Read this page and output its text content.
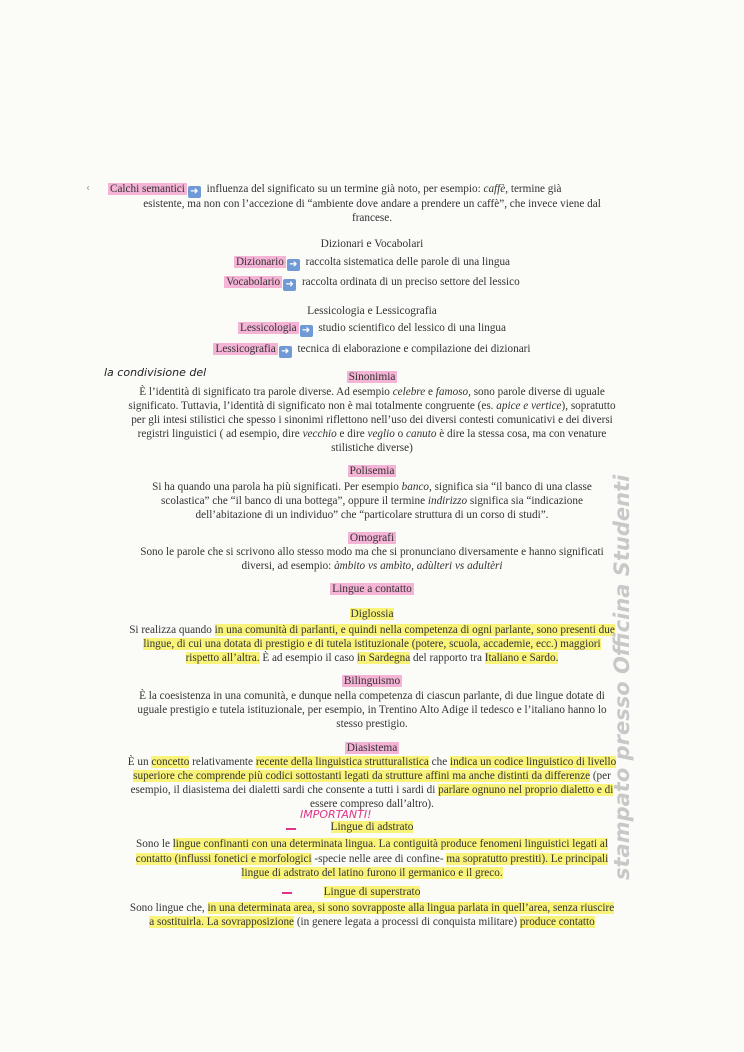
‹ Calchi semantici ➜ influenza del significato su un termine già noto, per esempio: caffè, termine già
esistente, ma non con l’accezione di “ambiente dove andare a prendere un caffè”, che invece viene dal
francese.
Dizionari e Vocabolari
Dizionario ➜ raccolta sistematica delle parole di una lingua
Vocabolario ➜ raccolta ordinata di un preciso settore del lessico
Lessicologia e Lessicografia
Lessicologia ➜ studio scientifico del lessico di una lingua
Lessicografia ➜ tecnica di elaborazione e compilazione dei dizionari
la condivisione del	Sinonimia
È l’identità di significato tra parole diverse. Ad esempio celebre e famoso, sono parole diverse di uguale
significato. Tuttavia, l’identità di significato non è mai totalmente congruente (es. apice e vertice), sopratutto
per gli intesi stilistici che spesso i sinonimi riflettono nell’uso dei diversi contesti comunicativi e dei diversi
registri linguistici ( ad esempio, dire vecchio e dire veglio o canuto è dire la stessa cosa, ma con venature
stilistiche diverse)
Polisemia
Si ha quando una parola ha più significati. Per esempio banco, significa sia “il banco di una classe
scolastica” che “il banco di una bottega”, oppure il termine indirizzo significa sia “indicazione
dell’abitazione di un individuo” che “particolare struttura di un corso di studi”.
Omografi
Sono le parole che si scrivono allo stesso modo ma che si pronunciano diversamente e hanno significati
diversi, ad esempio: àmbito vs ambìto, adùlteri vs adultèri
Lingue a contatto
Diglossia
Si realizza quando in una comunità di parlanti, e quindi nella competenza di ogni parlante, sono presenti due
lingue, di cui una dotata di prestigio e di tutela istituzionale (potere, scuola, accademie, ecc.) maggiori
rispetto all’altra. È ad esempio il caso in Sardegna del rapporto tra Italiano e Sardo.
Bilinguismo
È la coesistenza in una comunità, e dunque nella competenza di ciascun parlante, di due lingue dotate di
uguale prestigio e tutela istituzionale, per esempio, in Trentino Alto Adige il tedesco e l’italiano hanno lo
stesso prestigio.
Diasistema
È un concetto relativamente recente della linguistica strutturalistica che indica un codice linguistico di livello
superiore che comprende più codici sottostanti legati da strutture affini ma anche distinti da differenze (per
esempio, il diasistema dei dialetti sardi che consente a tutti i sardi di parlare ognuno nel proprio dialetto e di
essere compreso dall’altro).
IMPORTANTI!
Lingue di adstrato
Sono le lingue confinanti con una determinata lingua. La contiguità produce fenomeni linguistici legati al
contatto (influssi fonetici e morfologici -specie nelle aree di confine- ma sopratutto prestiti). Le principali
lingue di adstrato del latino furono il germanico e il greco.
Lingue di superstrato
Sono lingue che, in una determinata area, si sono sovrapposte alla lingua parlata in quell’area, senza riuscire
a sostituirla. La sovrapposizione (in genere legata a processi di conquista militare) produce contatto
stampato presso Officina Studenti
